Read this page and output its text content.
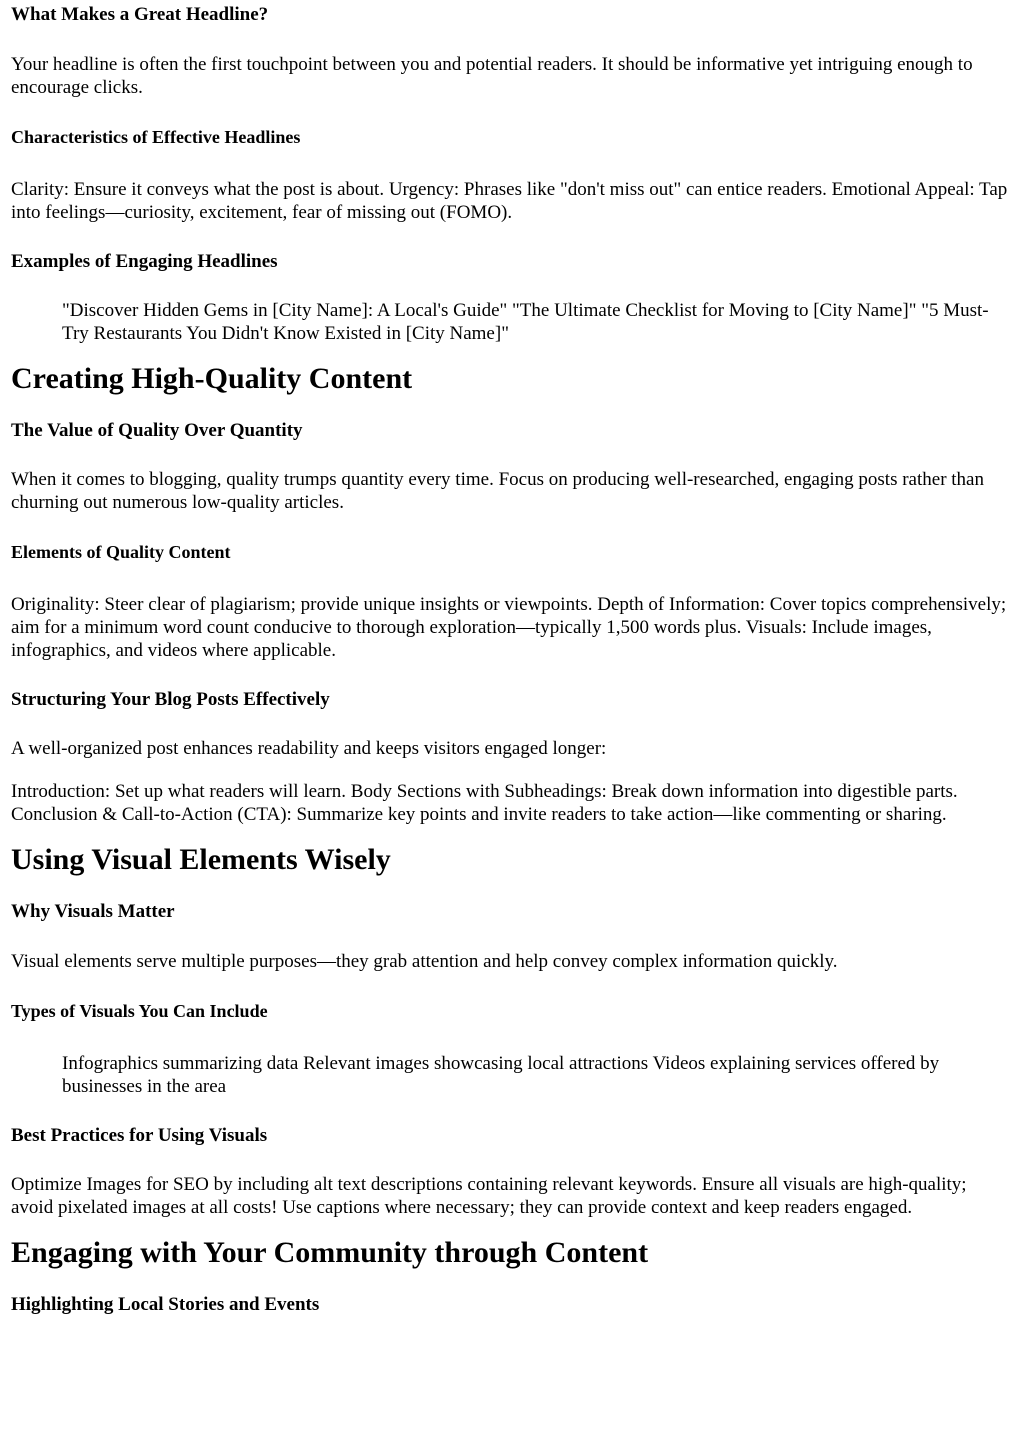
What Makes a Great Headline?

Your headline is often the first touchpoint between you and potential readers. It should be informative yet intriguing enough to encourage clicks.

Characteristics of Effective Headlines

Clarity: Ensure it conveys what the post is about. Urgency: Phrases like "don't miss out" can entice readers. Emotional Appeal: Tap into feelings—curiosity, excitement, fear of missing out (FOMO).

Examples of Engaging Headlines
"Discover Hidden Gems in [City Name]: A Local's Guide" "The Ultimate Checklist for Moving to [City Name]" "5 Must-Try Restaurants You Didn't Know Existed in [City Name]"
Creating High-Quality Content
The Value of Quality Over Quantity

When it comes to blogging, quality trumps quantity every time. Focus on producing well-researched, engaging posts rather than churning out numerous low-quality articles.

Elements of Quality Content

Originality: Steer clear of plagiarism; provide unique insights or viewpoints. Depth of Information: Cover topics comprehensively; aim for a minimum word count conducive to thorough exploration—typically 1,500 words plus. Visuals: Include images, infographics, and videos where applicable.

Structuring Your Blog Posts Effectively

A well-organized post enhances readability and keeps visitors engaged longer:

Introduction: Set up what readers will learn. Body Sections with Subheadings: Break down information into digestible parts. Conclusion & Call-to-Action (CTA): Summarize key points and invite readers to take action—like commenting or sharing.

Using Visual Elements Wisely
Why Visuals Matter

Visual elements serve multiple purposes—they grab attention and help convey complex information quickly.

Types of Visuals You Can Include
Infographics summarizing data Relevant images showcasing local attractions Videos explaining services offered by businesses in the area
Best Practices for Using Visuals

Optimize Images for SEO by including alt text descriptions containing relevant keywords. Ensure all visuals are high-quality; avoid pixelated images at all costs! Use captions where necessary; they can provide context and keep readers engaged.

Engaging with Your Community through Content
Highlighting Local Stories and Events
